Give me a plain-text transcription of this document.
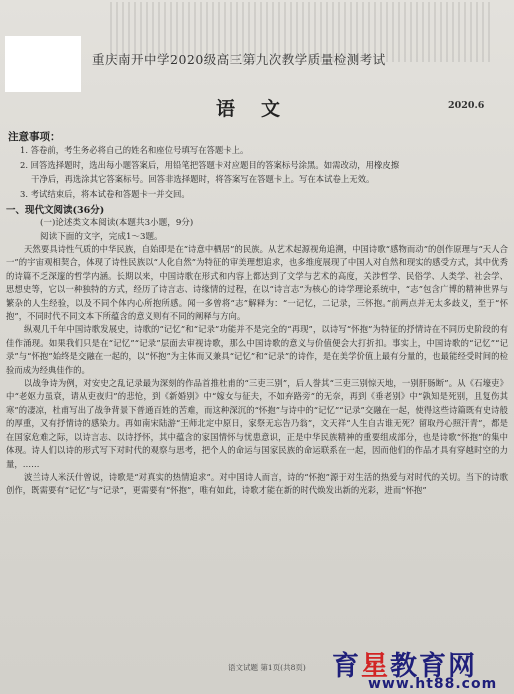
重庆南开中学2020级高三第九次教学质量检测考试
语文	2020.6
注意事项：

1. 答卷前，考生务必将自己的姓名和座位号填写在答题卡上。

2. 回答选择题时，选出每小题答案后，用铅笔把答题卡对应题目的答案标号涂黑。如需改动，用橡皮擦

干净后，再选涂其它答案标号。回答非选择题时，将答案写在答题卡上。写在本试卷上无效。

3. 考试结束后，将本试卷和答题卡一并交回。

一、现代文阅读(36分)
(一)论述类文本阅读(本题共3小题，9分)
阅读下面的文字，完成1～3题。

天然要具诗性气质的中华民族，自始即是在“诗意中栖居”的民族。从艺术起源视角追溯，中国诗歌“感物而动”的创作原理与“天人合一”的宇宙观相契合，体现了诗性民族以“人化自然”为特征的审美理想追求，也多维度展现了中国人对自然和现实的感受方式，其中优秀的诗篇不乏深邃的哲学内涵。长期以来，中国诗歌在形式和内容上都达到了文学与艺术的高度，关涉哲学、民俗学、人类学、社会学、思想史等，它以一种独特的方式，经历了诗言志、诗缘情的过程，在以“诗言志”为核心的诗学理论系统中，“志”包含广博的精神世界与繁杂的人生经验，以及不同个体内心所抱所感。闻一多曾将“志”解释为：“一记忆，二记录，三怀抱。”前两点并无太多歧义，至于“怀抱”，不同时代不同文本下所蕴含的意义则有不同的阐释与方向。

纵观几千年中国诗歌发展史，诗歌的“记忆”和“记录”功能并不是完全的“再现”，以诗写“怀抱”为特征的抒情诗在不同历史阶段的有佳作涌现。如果我们只是在“记忆”“记录”层面去审视诗歌，那么中国诗歌的意义与价值便会大打折扣。事实上，中国诗歌的“记忆”“记录”与“怀抱”始终是交融在一起的，以“怀抱”为主体而又兼具“记忆”和“记录”的诗作，是在美学价值上最有分量的，也最能经受时间的检验而成为经典佳作的。

以战争诗为例，对安史之乱记录最为深刻的作品首推杜甫的“三吏三别”，后人誉其“三吏三别惊天地，一别肝肠断”。从《石壕吏》中“老妪力虽衰，请从吏夜归”的悲怆，到《新婚别》中“嫁女与征夫，不如弃路旁”的无奈，再到《垂老别》中“孰知是死别，且复伤其寒”的凄凉，杜甫写出了战争背景下普通百姓的苦难，而这种深沉的“怀抱”与诗中的“记忆”“记录”交融在一起，使得这些诗篇既有史诗般的厚重，又有抒情诗的感染力。再如南宋陆游“王师北定中原日，家祭无忘告乃翁”，文天祥“人生自古谁无死？留取丹心照汗青”，都是在国家危难之际，以诗言志、以诗抒怀，其中蕴含的家国情怀与忧患意识，正是中华民族精神的重要组成部分，也是诗歌“怀抱”的集中体现。诗人们以诗的形式写下对时代的观察与思考，把个人的命运与国家民族的命运联系在一起，因而他们的作品才具有穿越时空的力量，……

波兰诗人米沃什曾说，诗歌是“对真实的热情追求”。对中国诗人而言，诗的“怀抱”源于对生活的热爱与对时代的关切。当下的诗歌创作，既需要有“记忆”与“记录”，更需要有“怀抱”，唯有如此，诗歌才能在新的时代焕发出新的光彩，进而“怀抱”

语文试题 第1页(共8页) 育星教育网
www.ht88.com
